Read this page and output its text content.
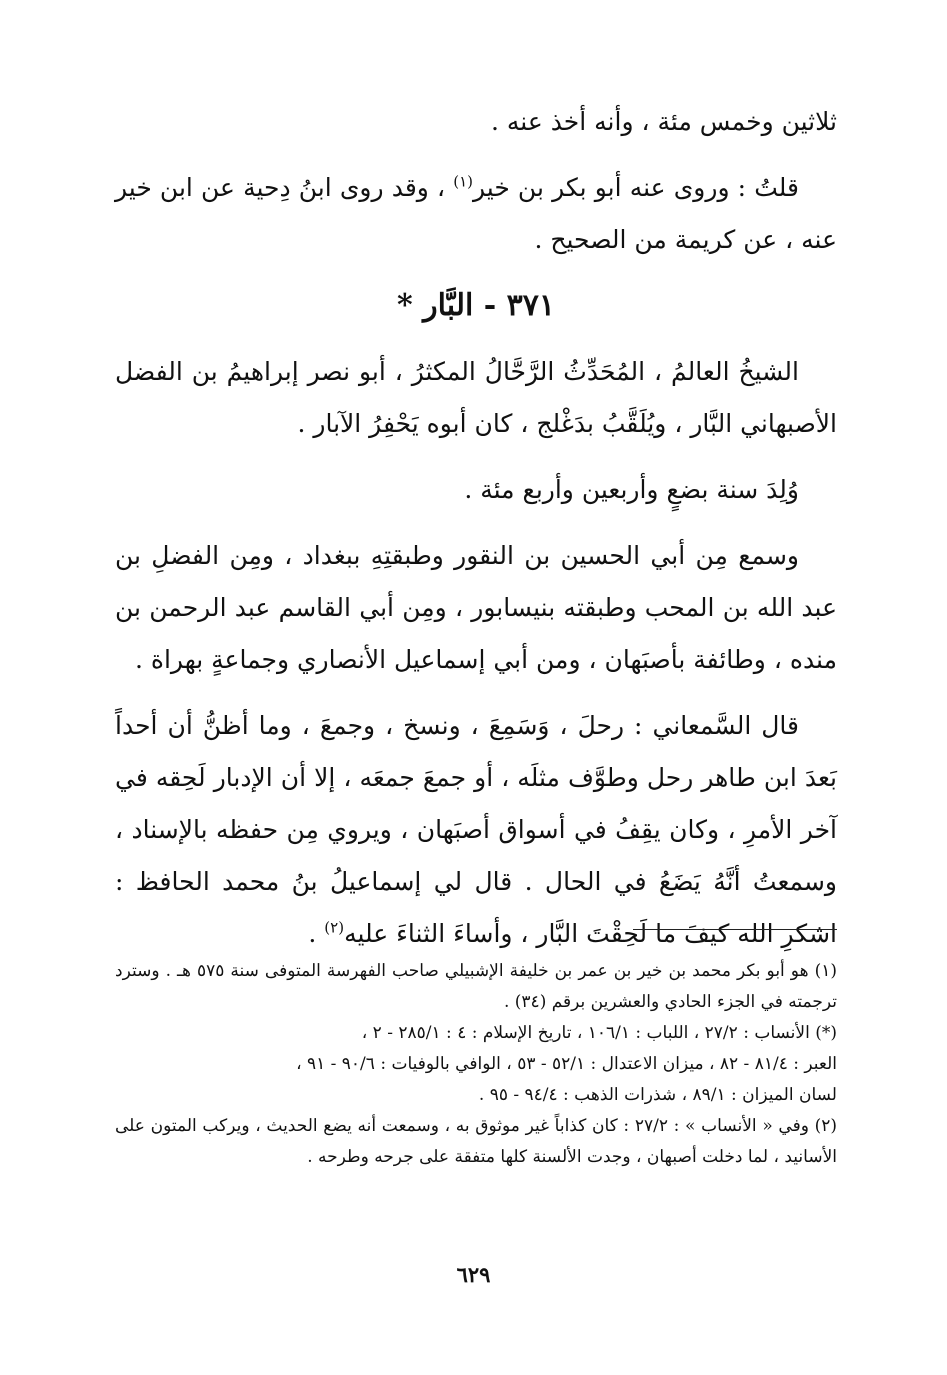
ثلاثين وخمس مئة ، وأنه أخذ عنه .

قلتُ : وروى عنه أبو بكر بن خير$^{(١)}$ ، وقد روى ابنُ دِحية عن ابن خير عنه ، عن كريمة من الصحيح .

٣٧١ - البَّار *

الشيخُ العالمُ ، المُحَدِّثُ الرَّحَّالُ المكثرُ ، أبو نصر إبراهيمُ بن الفضل الأصبهاني البَّار ، ويُلَقَّبُ بدَغْلج ، كان أبوه يَحْفِرُ الآبار .

وُلِدَ سنة بضعٍ وأربعين وأربع مئة .

وسمع مِن أبي الحسين بن النقور وطبقتِهِ ببغداد ، ومِن الفضلِ بن عبد الله بن المحب وطبقته بنيسابور ، ومِن أبي القاسم عبد الرحمن بن منده ، وطائفة بأصبَهان ، ومن أبي إسماعيل الأنصاري وجماعةٍ بهراة .

قال السَّمعاني : رحلَ ، وَسَمِعَ ، ونسخ ، وجمعَ ، وما أظنُّ أن أحداً بَعدَ ابن طاهر رحل وطوَّف مثلَه ، أو جمعَ جمعَه ، إلا أن الإدبار لَحِقه في آخر الأمرِ ، وكان يقِفُ في أسواق أصبَهان ، ويروي مِن حفظه بالإسناد ، وسمعتُ أنَّهُ يَضَعُ في الحال . قال لي إسماعيلُ بنُ محمد الحافظ : اشكرِ الله كيفَ ما لَحِقْتَ البَّار ، وأساءَ الثناءَ عليه$^{(٢)}$ .

(١) هو أبو بكر محمد بن خير بن عمر بن خليفة الإشبيلي صاحب الفهرسة المتوفى سنة ٥٧٥ هـ . وسترد ترجمته في الجزء الحادي والعشرين برقم (٣٤) .

(*) الأنساب : ٢٧/٢ ، اللباب : ١٠٦/١ ، تاريخ الإسلام : ٤ : ٢٨٥/١ - ٢ ،

العبر : ٨١/٤ - ٨٢ ، ميزان الاعتدال : ٥٢/١ - ٥٣ ، الوافي بالوفيات : ٩٠/٦ - ٩١ ،

لسان الميزان : ٨٩/١ ، شذرات الذهب : ٩٤/٤ - ٩٥ .

(٢) وفي « الأنساب » : ٢٧/٢ : كان كذاباً غير موثوق به ، وسمعت أنه يضع الحديث ، ويركب المتون على الأسانيد ، لما دخلت أصبهان ، وجدت الألسنة كلها متفقة على جرحه وطرحه .

٦٢٩
